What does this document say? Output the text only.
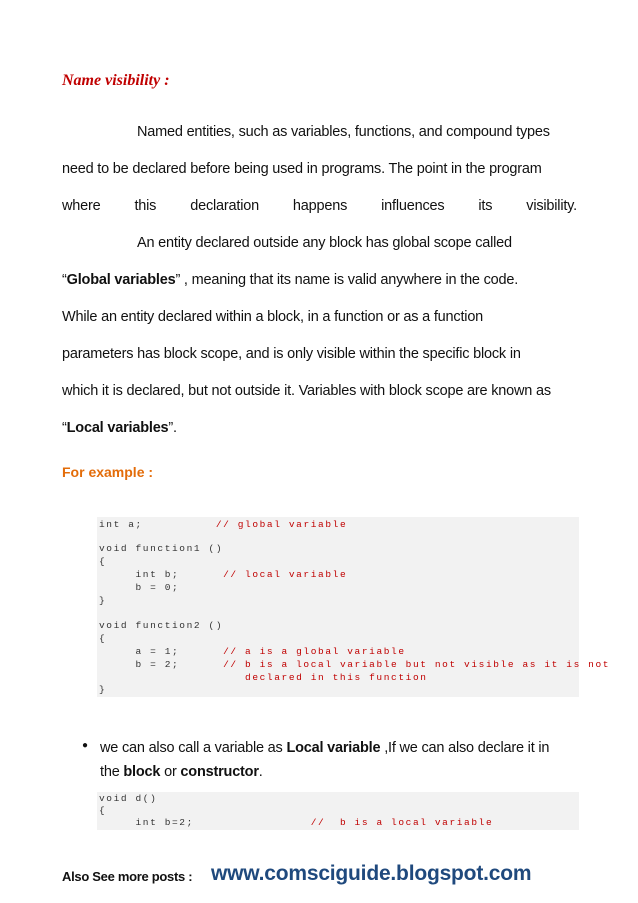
Name visibility :
Named entities, such as variables, functions, and compound types
need to be declared before being used in programs. The point in the program
where this declaration happens influences its visibility.
An entity declared outside any block has global scope called
“Global variables” , meaning that its name is valid anywhere in the code.
While an entity declared within a block, in a function or as a function
parameters has block scope, and is only visible within the specific block in
which it is declared, but not outside it. Variables with block scope are known as
“Local variables”.
For example :
int a;          // global variable
void function1 ()
{
int b;      // local variable
b = 0;
}
void function2 ()
{
a = 1;      // a is a global variable
b = 2;      // b is a local variable but not visible as it is not
declared in this function
}
● we can also call a variable as Local variable ,If we can also declare it in
the block or constructor.
void d()
{
int b=2;                //  b is a local variable
Also See more posts : www.comsciguide.blogspot.com
